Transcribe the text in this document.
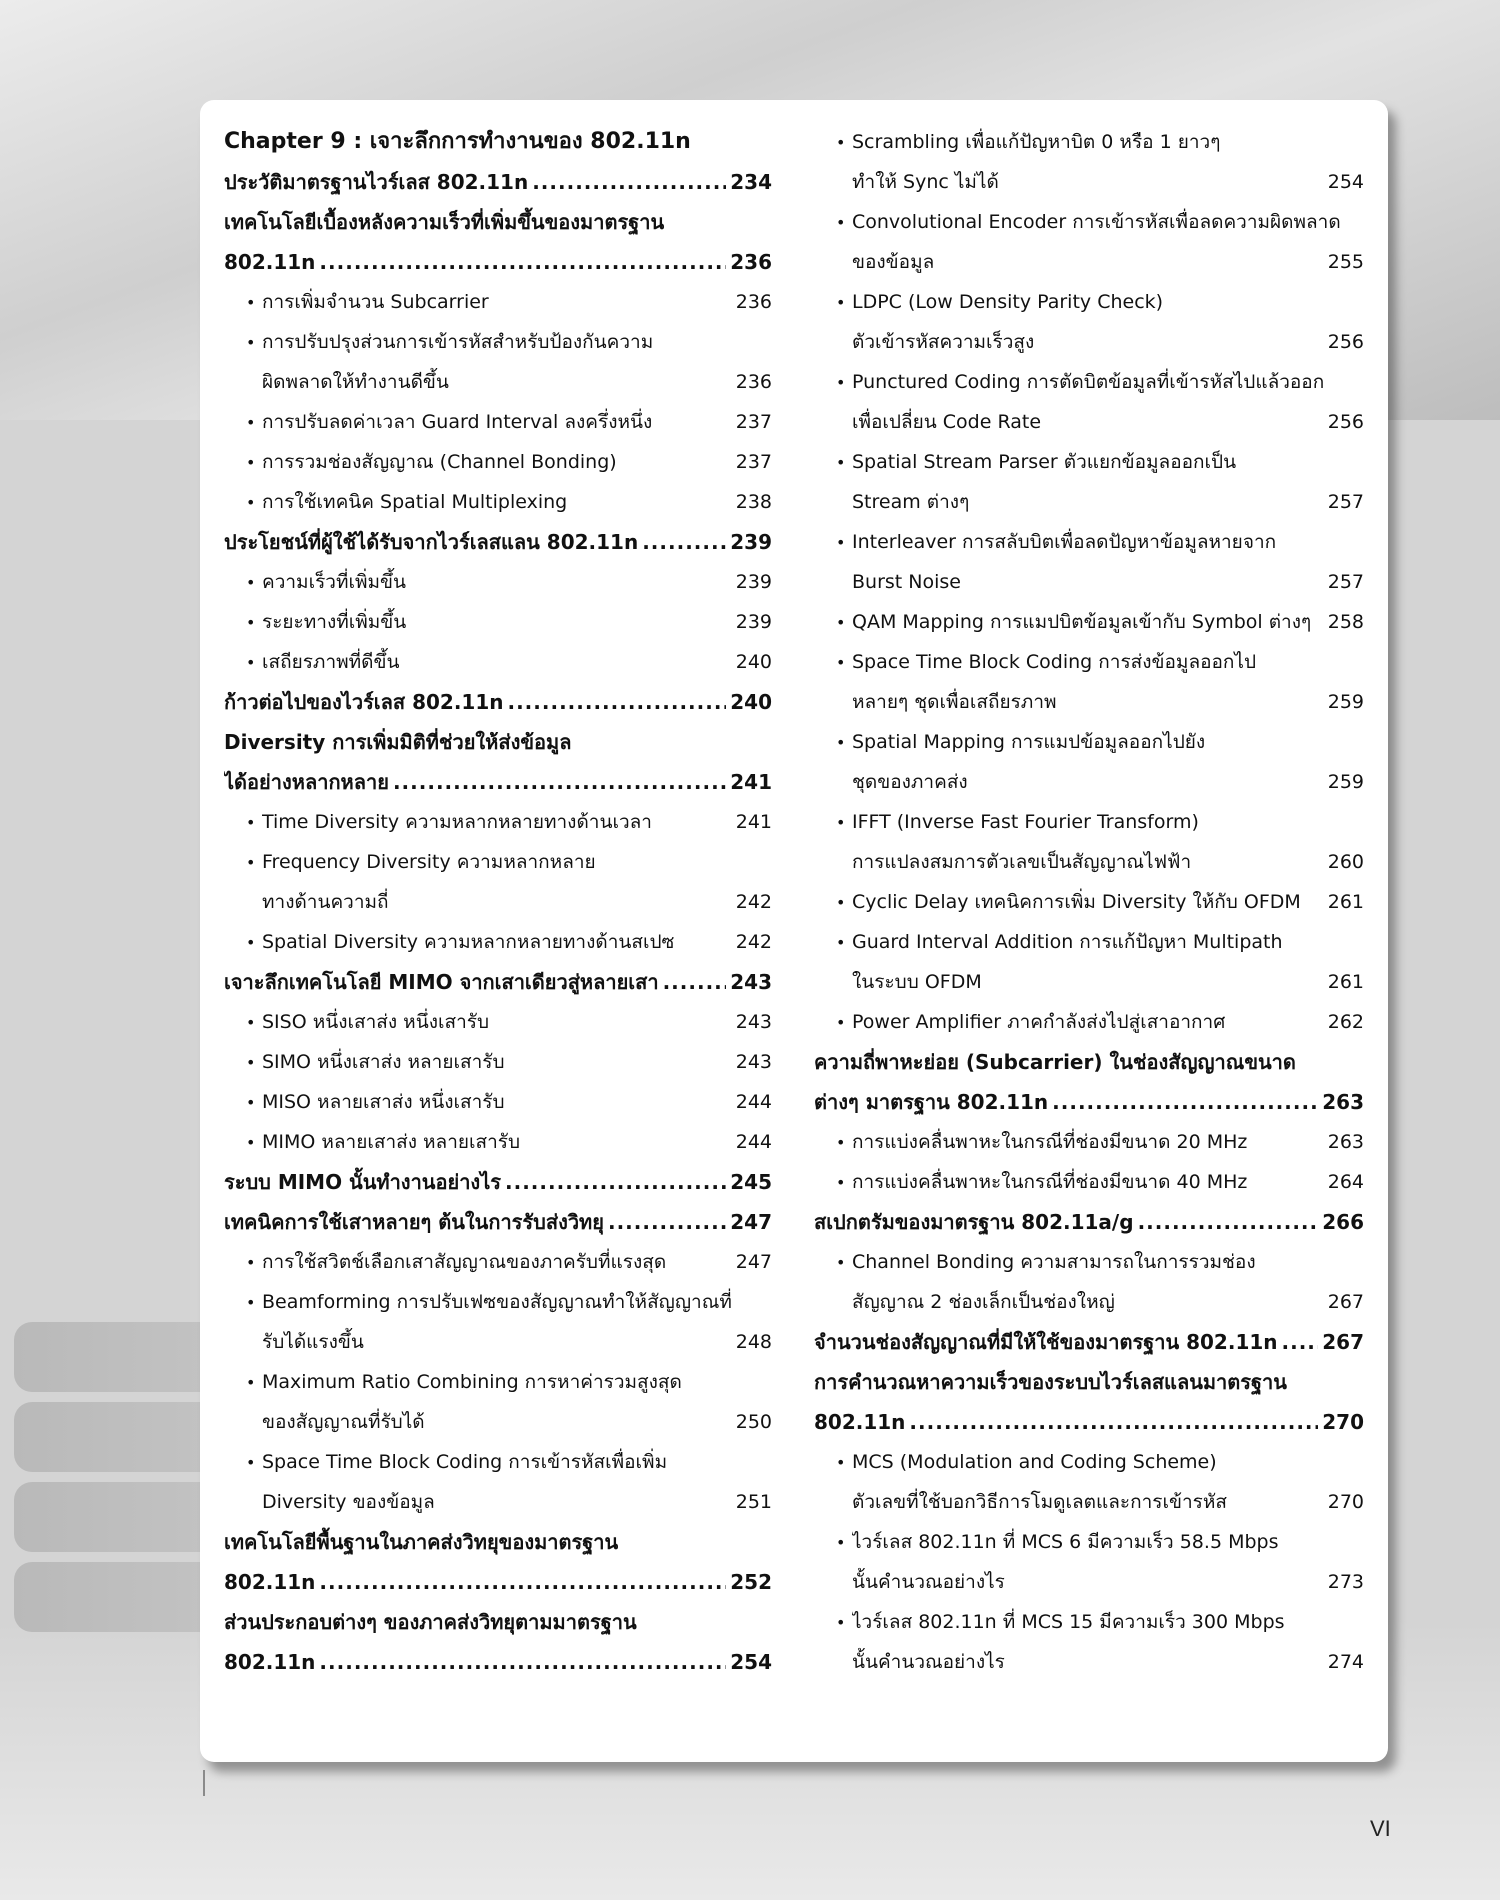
Chapter 9 : เจาะลึกการทำงานของ 802.11n
ประวัติมาตรฐานไวร์เลส 802.11n .....	234
เทคโนโลยีเบื้องหลังความเร็วที่เพิ่มขึ้นของมาตรฐาน
802.11n .....	236
• การเพิ่มจำนวน Subcarrier	236
• การปรับปรุงส่วนการเข้ารหัสสำหรับป้องกันความ
ผิดพลาดให้ทำงานดีขึ้น	236
• การปรับลดค่าเวลา Guard Interval ลงครึ่งหนึ่ง	237
• การรวมช่องสัญญาณ (Channel Bonding)	237
• การใช้เทคนิค Spatial Multiplexing	238
ประโยชน์ที่ผู้ใช้ได้รับจากไวร์เลสแลน 802.11n .....	239
• ความเร็วที่เพิ่มขึ้น	239
• ระยะทางที่เพิ่มขึ้น	239
• เสถียรภาพที่ดีขึ้น	240
ก้าวต่อไปของไวร์เลส 802.11n .....	240
Diversity การเพิ่มมิติที่ช่วยให้ส่งข้อมูล
ได้อย่างหลากหลาย .....	241
• Time Diversity ความหลากหลายทางด้านเวลา	241
• Frequency Diversity ความหลากหลาย
ทางด้านความถี่	242
• Spatial Diversity ความหลากหลายทางด้านสเปซ	242
เจาะลึกเทคโนโลยี MIMO จากเสาเดียวสู่หลายเสา .....	243
• SISO หนึ่งเสาส่ง หนึ่งเสารับ	243
• SIMO หนึ่งเสาส่ง หลายเสารับ	243
• MISO หลายเสาส่ง หนึ่งเสารับ	244
• MIMO หลายเสาส่ง หลายเสารับ	244
ระบบ MIMO นั้นทำงานอย่างไร .....	245
เทคนิคการใช้เสาหลายๆ ต้นในการรับส่งวิทยุ .....	247
• การใช้สวิตช์เลือกเสาสัญญาณของภาครับที่แรงสุด	247
• Beamforming การปรับเฟซของสัญญาณทำให้สัญญาณที่
รับได้แรงขึ้น	248
• Maximum Ratio Combining การหาค่ารวมสูงสุด
ของสัญญาณที่รับได้	250
• Space Time Block Coding การเข้ารหัสเพื่อเพิ่ม
Diversity ของข้อมูล	251
เทคโนโลยีพื้นฐานในภาคส่งวิทยุของมาตรฐาน
802.11n .....	252
ส่วนประกอบต่างๆ ของภาคส่งวิทยุตามมาตรฐาน
802.11n .....	254
• Scrambling เพื่อแก้ปัญหาบิต 0 หรือ 1 ยาวๆ
ทำให้ Sync ไม่ได้	254
• Convolutional Encoder การเข้ารหัสเพื่อลดความผิดพลาด
ของข้อมูล	255
• LDPC (Low Density Parity Check)
ตัวเข้ารหัสความเร็วสูง	256
• Punctured Coding การตัดบิตข้อมูลที่เข้ารหัสไปแล้วออก
เพื่อเปลี่ยน Code Rate	256
• Spatial Stream Parser ตัวแยกข้อมูลออกเป็น
Stream ต่างๆ	257
• Interleaver การสลับบิตเพื่อลดปัญหาข้อมูลหายจาก
Burst Noise	257
• QAM Mapping การแมปบิตข้อมูลเข้ากับ Symbol ต่างๆ 258
• Space Time Block Coding การส่งข้อมูลออกไป
หลายๆ ชุดเพื่อเสถียรภาพ	259
• Spatial Mapping การแมปข้อมูลออกไปยัง
ชุดของภาคส่ง	259
• IFFT (Inverse Fast Fourier Transform)
การแปลงสมการตัวเลขเป็นสัญญาณไฟฟ้า	260
• Cyclic Delay เทคนิคการเพิ่ม Diversity ให้กับ OFDM	261
• Guard Interval Addition การแก้ปัญหา Multipath
ในระบบ OFDM	261
• Power Amplifier ภาคกำลังส่งไปสู่เสาอากาศ	262
ความถี่พาหะย่อย (Subcarrier) ในช่องสัญญาณขนาด
ต่างๆ มาตรฐาน 802.11n .....	263
• การแบ่งคลื่นพาหะในกรณีที่ช่องมีขนาด 20 MHz	263
• การแบ่งคลื่นพาหะในกรณีที่ช่องมีขนาด 40 MHz	264
สเปกตรัมของมาตรฐาน 802.11a/g .....	266
• Channel Bonding ความสามารถในการรวมช่อง
สัญญาณ 2 ช่องเล็กเป็นช่องใหญ่	267
จำนวนช่องสัญญาณที่มีให้ใช้ของมาตรฐาน 802.11n ..... 267
การคำนวณหาความเร็วของระบบไวร์เลสแลนมาตรฐาน
802.11n .....	270
• MCS (Modulation and Coding Scheme)
ตัวเลขที่ใช้บอกวิธีการโมดูเลตและการเข้ารหัส	270
• ไวร์เลส 802.11n ที่ MCS 6 มีความเร็ว 58.5 Mbps
นั้นคำนวณอย่างไร	273
• ไวร์เลส 802.11n ที่ MCS 15 มีความเร็ว 300 Mbps
นั้นคำนวณอย่างไร	274
VI
